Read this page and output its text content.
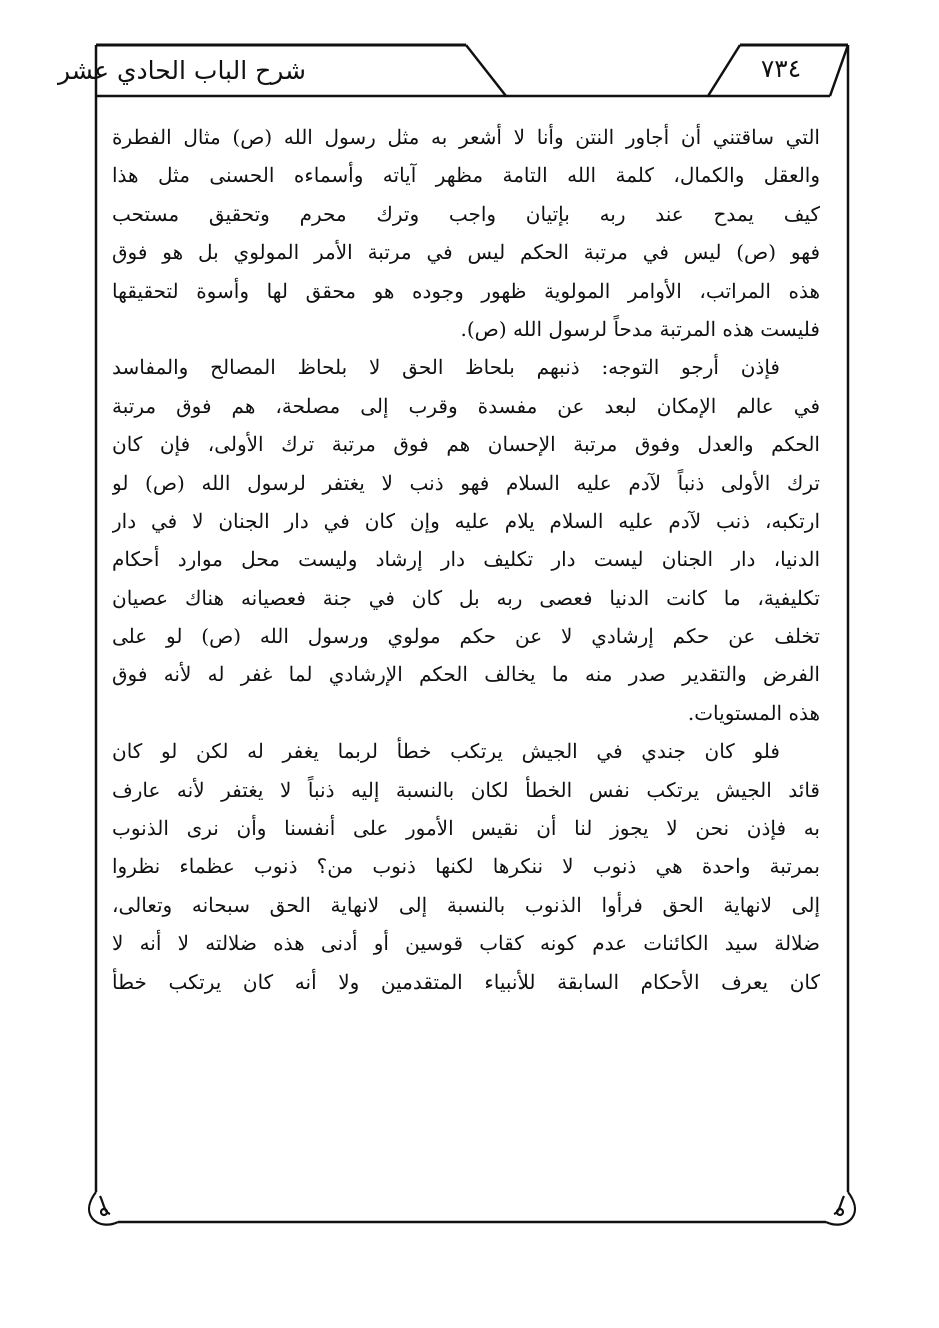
شرح الباب الحادي عشر	٧٣٤
التي ساقتني أن أجاور النتن وأنا لا أشعر به مثل رسول الله (ص) مثال الفطرة
والعقل والكمال، كلمة الله التامة مظهر آياته وأسماءه الحسنى مثل هذا
كيف يمدح عند ربه بإتيان واجب وترك محرم وتحقيق مستحب
فهو (ص) ليس في مرتبة الحكم ليس في مرتبة الأمر المولوي بل هو فوق
هذه المراتب، الأوامر المولوية ظهور وجوده هو محقق لها وأسوة لتحقيقها
فليست هذه المرتبة مدحاً لرسول الله (ص).
فإذن أرجو التوجه: ذنبهم بلحاظ الحق لا بلحاظ المصالح والمفاسد
في عالم الإمكان لبعد عن مفسدة وقرب إلى مصلحة، هم فوق مرتبة
الحكم والعدل وفوق مرتبة الإحسان هم فوق مرتبة ترك الأولى، فإن كان
ترك الأولى ذنباً لآدم عليه السلام فهو ذنب لا يغتفر لرسول الله (ص) لو
ارتكبه، ذنب لآدم عليه السلام يلام عليه وإن كان في دار الجنان لا في دار
الدنيا، دار الجنان ليست دار تكليف دار إرشاد وليست محل موارد أحكام
تكليفية، ما كانت الدنيا فعصى ربه بل كان في جنة فعصيانه هناك عصيان
تخلف عن حكم إرشادي لا عن حكم مولوي ورسول الله (ص) لو على
الفرض والتقدير صدر منه ما يخالف الحكم الإرشادي لما غفر له لأنه فوق
هذه المستويات.
فلو كان جندي في الجيش يرتكب خطأ لربما يغفر له لكن لو كان
قائد الجيش يرتكب نفس الخطأ لكان بالنسبة إليه ذنباً لا يغتفر لأنه عارف
به فإذن نحن لا يجوز لنا أن نقيس الأمور على أنفسنا وأن نرى الذنوب
بمرتبة واحدة هي ذنوب لا ننكرها لكنها ذنوب من؟ ذنوب عظماء نظروا
إلى لانهاية الحق فرأوا الذنوب بالنسبة إلى لانهاية الحق سبحانه وتعالى،
ضلالة سيد الكائنات عدم كونه كقاب قوسين أو أدنى هذه ضلالته لا أنه لا
كان يعرف الأحكام السابقة للأنبياء المتقدمين ولا أنه كان يرتكب خطأ
